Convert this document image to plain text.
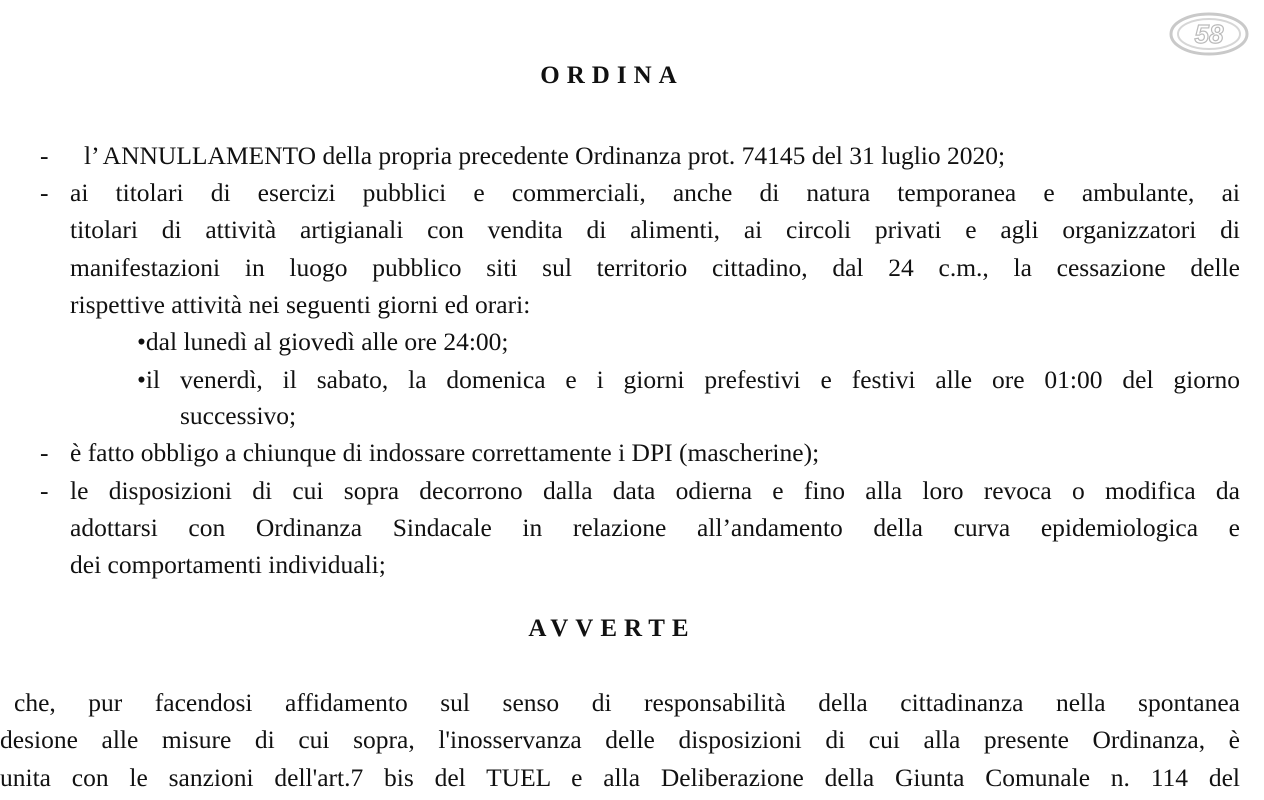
58
ORDINA
- l’ ANNULLAMENTO della propria precedente Ordinanza prot. 74145 del 31 luglio 2020;
- ai titolari di esercizi pubblici e commerciali, anche di natura temporanea e ambulante, ai
titolari di attività artigianali con vendita di alimenti, ai circoli privati e agli organizzatori di
manifestazioni in luogo pubblico siti sul territorio cittadino, dal 24 c.m., la cessazione delle
rispettive attività nei seguenti giorni ed orari:
•dal lunedì al giovedì alle ore 24:00;
•il venerdì, il sabato, la domenica e i giorni prefestivi e festivi alle ore 01:00 del giorno
successivo;
- è fatto obbligo a chiunque di indossare correttamente i DPI (mascherine);
- le disposizioni di cui sopra decorrono dalla data odierna e fino alla loro revoca o modifica da
adottarsi con Ordinanza Sindacale in relazione all’andamento della curva epidemiologica e
dei comportamenti individuali;
AVVERTE
che, pur facendosi affidamento sul senso di responsabilità della cittadinanza nella spontanea
desione alle misure di cui sopra, l'inosservanza delle disposizioni di cui alla presente Ordinanza, è
unita con le sanzioni dell'art.7 bis del TUEL e alla Deliberazione della Giunta Comunale n. 114 del
